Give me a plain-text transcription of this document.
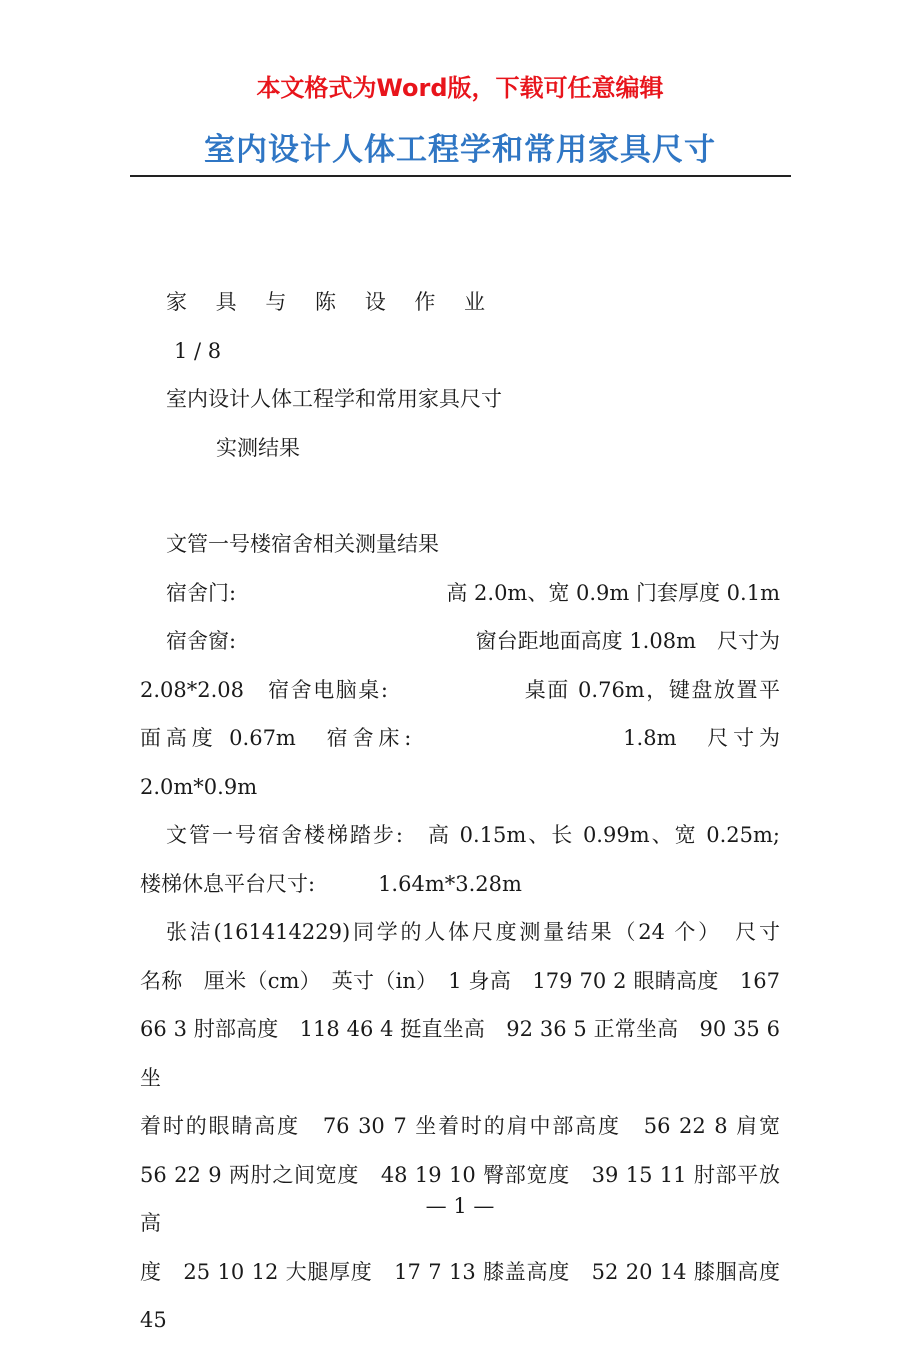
本文格式为Word版，下载可任意编辑
室内设计人体工程学和常用家具尺寸

家 具 与 陈 设 作 业

1 / 8

室内设计人体工程学和常用家具尺寸

实测结果

文管一号楼宿舍相关测量结果

宿舍门:	高 2.0m、宽 0.9m 门套厚度 0.1m
宿舍窗:	窗台距地面高度 1.08m　尺寸为

2.08*2.08　宿舍电脑桌:　　　　　　桌面 0.76m，键盘放置平

面高度 0.67m　宿舍床:　　　　　　　　1.8m　尺寸为

2.0m*0.9m

文管一号宿舍楼梯踏步:　高 0.15m、长 0.99m、宽 0.25m;

楼梯休息平台尺寸:　　　1.64m*3.28m

张洁(161414229)同学的人体尺度测量结果（24 个）　尺寸

名称　厘米（cm）　英寸（in）　1 身高　179 70 2 眼睛高度　167

66 3 肘部高度　118 46 4 挺直坐高　92 36 5 正常坐高　90 35 6 坐

着时的眼睛高度　76 30 7 坐着时的肩中部高度　56 22 8 肩宽

56 22 9 两肘之间宽度　48 19 10 臀部宽度　39 15 11 肘部平放高

度　25 10 12 大腿厚度　17 7 13 膝盖高度　52 20 14 膝腘高度　45

— 1 —
